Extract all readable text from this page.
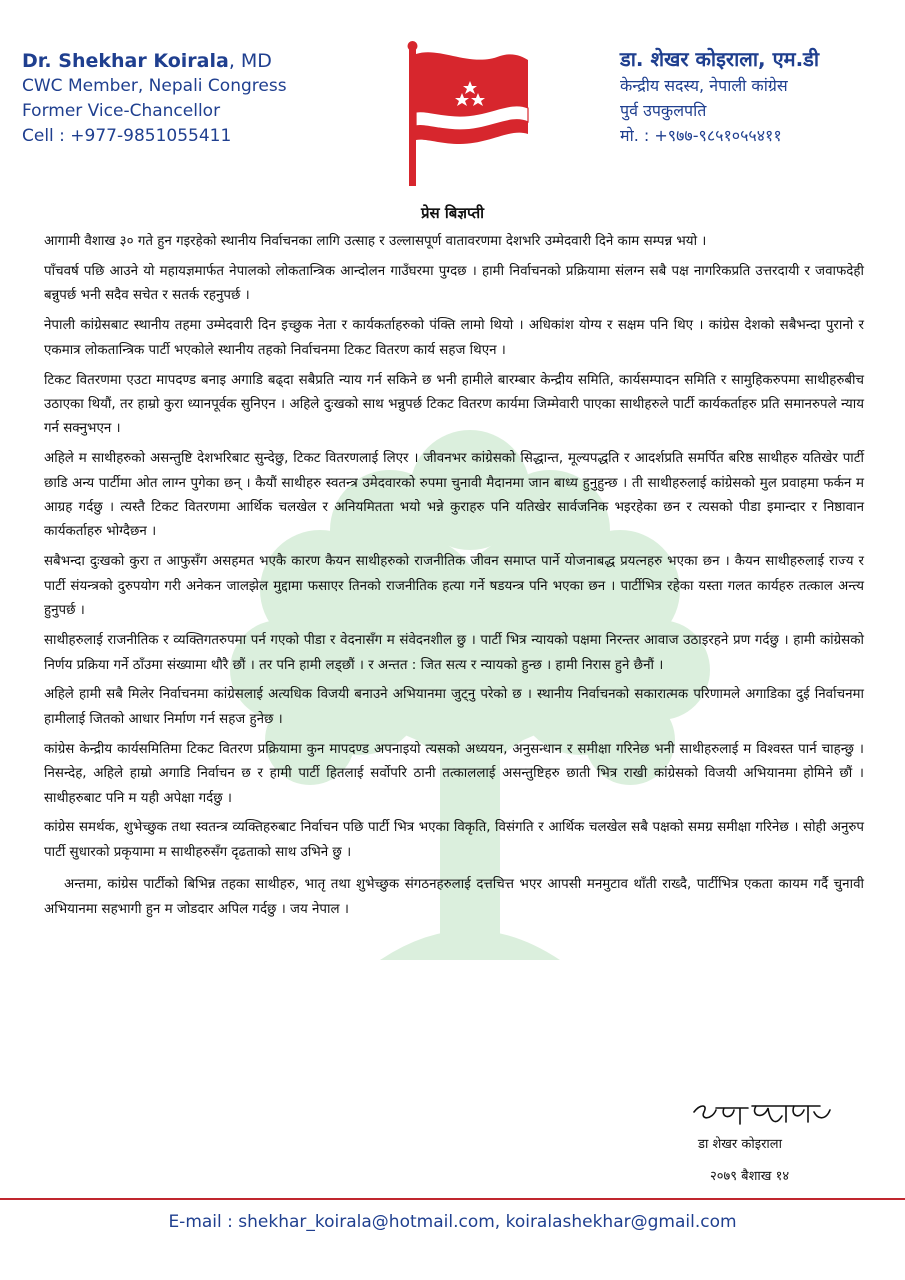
Dr. Shekhar Koirala, MD
CWC Member, Nepali Congress
Former Vice-Chancellor
Cell : +977-9851055411
डा. शेखर कोइराला, एम.डी
केन्द्रीय सदस्य, नेपाली कांग्रेस
पुर्व उपकुलपति
मो. : +९७७-९८५१०५५४११
प्रेस बिज्ञप्ती

आगामी वैशाख ३० गते हुन गइरहेको स्थानीय निर्वाचनका लागि उत्साह र उल्लासपूर्ण वातावरणमा देशभरि उम्मेदवारी दिने काम सम्पन्न भयो ।

पाँचवर्ष पछि आउने यो महायज्ञमार्फत नेपालको लोकतान्त्रिक आन्दोलन गाउँघरमा पुग्दछ । हामी निर्वाचनको प्रक्रियामा संलग्न सबै पक्ष नागरिकप्रति उत्तरदायी र जवाफदेही बन्नुपर्छ भनी सदैव सचेत र सतर्क रहनुपर्छ ।

नेपाली कांग्रेसबाट स्थानीय तहमा उम्मेदवारी दिन इच्छुक नेता र कार्यकर्ताहरुको पंक्ति लामो थियो । अधिकांश योग्य र सक्षम पनि थिए । कांग्रेस देशको सबैभन्दा पुरानो र एकमात्र लोकतान्त्रिक पार्टी भएकोले स्थानीय तहको निर्वाचनमा टिकट वितरण कार्य सहज थिएन ।

टिकट वितरणमा एउटा मापदण्ड बनाइ अगाडि बढ्दा सबैप्रति न्याय गर्न सकिने छ भनी हामीले बारम्बार केन्द्रीय समिति, कार्यसम्पादन समिति र सामुहिकरुपमा साथीहरुबीच उठाएका थियौं, तर हाम्रो कुरा ध्यानपूर्वक सुनिएन । अहिले दुःखको साथ भन्नुपर्छ टिकट वितरण कार्यमा जिम्मेवारी पाएका साथीहरुले पार्टी कार्यकर्ताहरु प्रति समानरुपले न्याय गर्न सक्नुभएन ।

अहिले म साथीहरुको असन्तुष्टि देशभरिबाट सुन्देछु, टिकट वितरणलाई लिएर । जीवनभर कांग्रेसको सिद्धान्त, मूल्यपद्धति र आदर्शप्रति समर्पित बरिष्ठ साथीहरु यतिखेर पार्टी छाडि अन्य पार्टीमा ओत लाग्न पुगेका छन् । कैयौं साथीहरु स्वतन्त्र उमेदवारको रुपमा चुनावी मैदानमा जान बाध्य हुनुहुन्छ । ती साथीहरुलाई कांग्रेसको मुल प्रवाहमा फर्कन म आग्रह गर्दछु । त्यस्तै टिकट वितरणमा आर्थिक चलखेल र अनियमितता भयो भन्ने कुराहरु पनि यतिखेर सार्वजनिक भइरहेका छन र त्यसको पीडा इमान्दार र निष्ठावान कार्यकर्ताहरु भोग्दैछन ।

सबैभन्दा दुःखको कुरा त आफुसँग असहमत भएकै कारण कैयन साथीहरुको राजनीतिक जीवन समाप्त पार्ने योजनाबद्ध प्रयत्नहरु भएका छन । कैयन साथीहरुलाई राज्य र पार्टी संयन्त्रको दुरुपयोग गरी अनेकन जालझेल मुद्दामा फसाएर तिनको राजनीतिक हत्या गर्ने षडयन्त्र पनि भएका छन । पार्टीभित्र रहेका यस्ता गलत कार्यहरु तत्काल अन्त्य हुनुपर्छ ।

साथीहरुलाई राजनीतिक र व्यक्तिगतरुपमा पर्न गएको पीडा र वेदनासँग म संवेदनशील छु । पार्टी भित्र न्यायको पक्षमा निरन्तर आवाज उठाइरहने प्रण गर्दछु । हामी कांग्रेसको निर्णय प्रक्रिया गर्ने ठाँउमा संख्यामा थौरै छौं । तर पनि हामी लड्छौं । र अन्तत : जित सत्य र न्यायको हुन्छ । हामी निरास हुने छैनौं ।

अहिले हामी सबै मिलेर निर्वाचनमा कांग्रेसलाई अत्यधिक विजयी बनाउने अभियानमा जुट्नु परेको छ । स्थानीय निर्वाचनको सकारात्मक परिणामले अगाडिका दुई निर्वाचनमा हामीलाई जितको आधार निर्माण गर्न सहज हुनेछ ।

कांग्रेस केन्द्रीय कार्यसमितिमा टिकट वितरण प्रक्रियामा कुन मापदण्ड अपनाइयो त्यसको अध्ययन, अनुसन्धान र समीक्षा गरिनेछ भनी साथीहरुलाई म विश्वस्त पार्न चाहन्छु । निसन्देह, अहिले हाम्रो अगाडि निर्वाचन छ र हामी पार्टी हितलाई सर्वोपरि ठानी तत्काललाई असन्तुष्टिहरु छाती भित्र राखी कांग्रेसको विजयी अभियानमा होमिने छौं । साथीहरुबाट पनि म यही अपेक्षा गर्दछु ।

कांग्रेस समर्थक, शुभेच्छुक तथा स्वतन्त्र व्यक्तिहरुबाट निर्वाचन पछि पार्टी भित्र भएका विकृति, विसंगति र आर्थिक चलखेल सबै पक्षको समग्र समीक्षा गरिनेछ । सोही अनुरुप पार्टी सुधारको प्रकृयामा म साथीहरुसँग दृढताको साथ उभिने छु ।

अन्तमा, कांग्रेस पार्टीको बिभिन्न तहका साथीहरु, भातृ तथा शुभेच्छुक संगठनहरुलाई दत्तचित्त भएर आपसी मनमुटाव थाँती राख्दै, पार्टीभित्र एकता कायम गर्दै चुनावी अभियानमा सहभागी हुन म जोडदार अपिल गर्दछु । जय नेपाल ।

डा शेखर कोइराला
२०७९ बैशाख १४
E-mail : shekhar_koirala@hotmail.com, koiralashekhar@gmail.com
